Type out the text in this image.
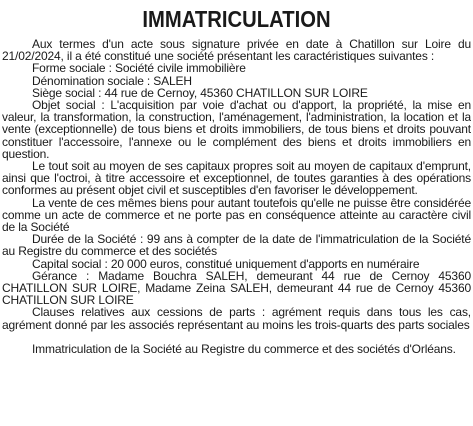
IMMATRICULATION
Aux termes d'un acte sous signature privée en date à Chatillon sur Loire du 21/02/2024, il a été constitué une société présentant les caractéristiques suivantes :
Forme sociale : Société civile immobilière
Dénomination sociale : SALEH
Siège social : 44 rue de Cernoy, 45360 CHATILLON SUR LOIRE
Objet social : L'acquisition par voie d'achat ou d'apport, la propriété, la mise en valeur, la transformation, la construction, l'aménagement, l'administration, la location et la vente (exceptionnelle) de tous biens et droits immobiliers, de tous biens et droits pouvant constituer l'accessoire, l'annexe ou le complément des biens et droits immobiliers en question.
Le tout soit au moyen de ses capitaux propres soit au moyen de capitaux d'emprunt, ainsi que l'octroi, à titre accessoire et exceptionnel, de toutes garanties à des opérations conformes au présent objet civil et susceptibles d'en favoriser le développement.
La vente de ces mêmes biens pour autant toutefois qu'elle ne puisse être considérée comme un acte de commerce et ne porte pas en conséquence atteinte au caractère civil de la Société
Durée de la Société : 99 ans à compter de la date de l'immatriculation de la Société au Registre du commerce et des sociétés
Capital social : 20 000 euros, constitué uniquement d'apports en numéraire
Gérance : Madame Bouchra SALEH, demeurant 44 rue de Cernoy 45360 CHATILLON SUR LOIRE, Madame Zeina SALEH, demeurant 44 rue de Cernoy 45360 CHATILLON SUR LOIRE
Clauses relatives aux cessions de parts : agrément requis dans tous les cas, agrément donné par les associés représentant au moins les trois-quarts des parts sociales
Immatriculation de la Société au Registre du commerce et des sociétés d'Orléans.
